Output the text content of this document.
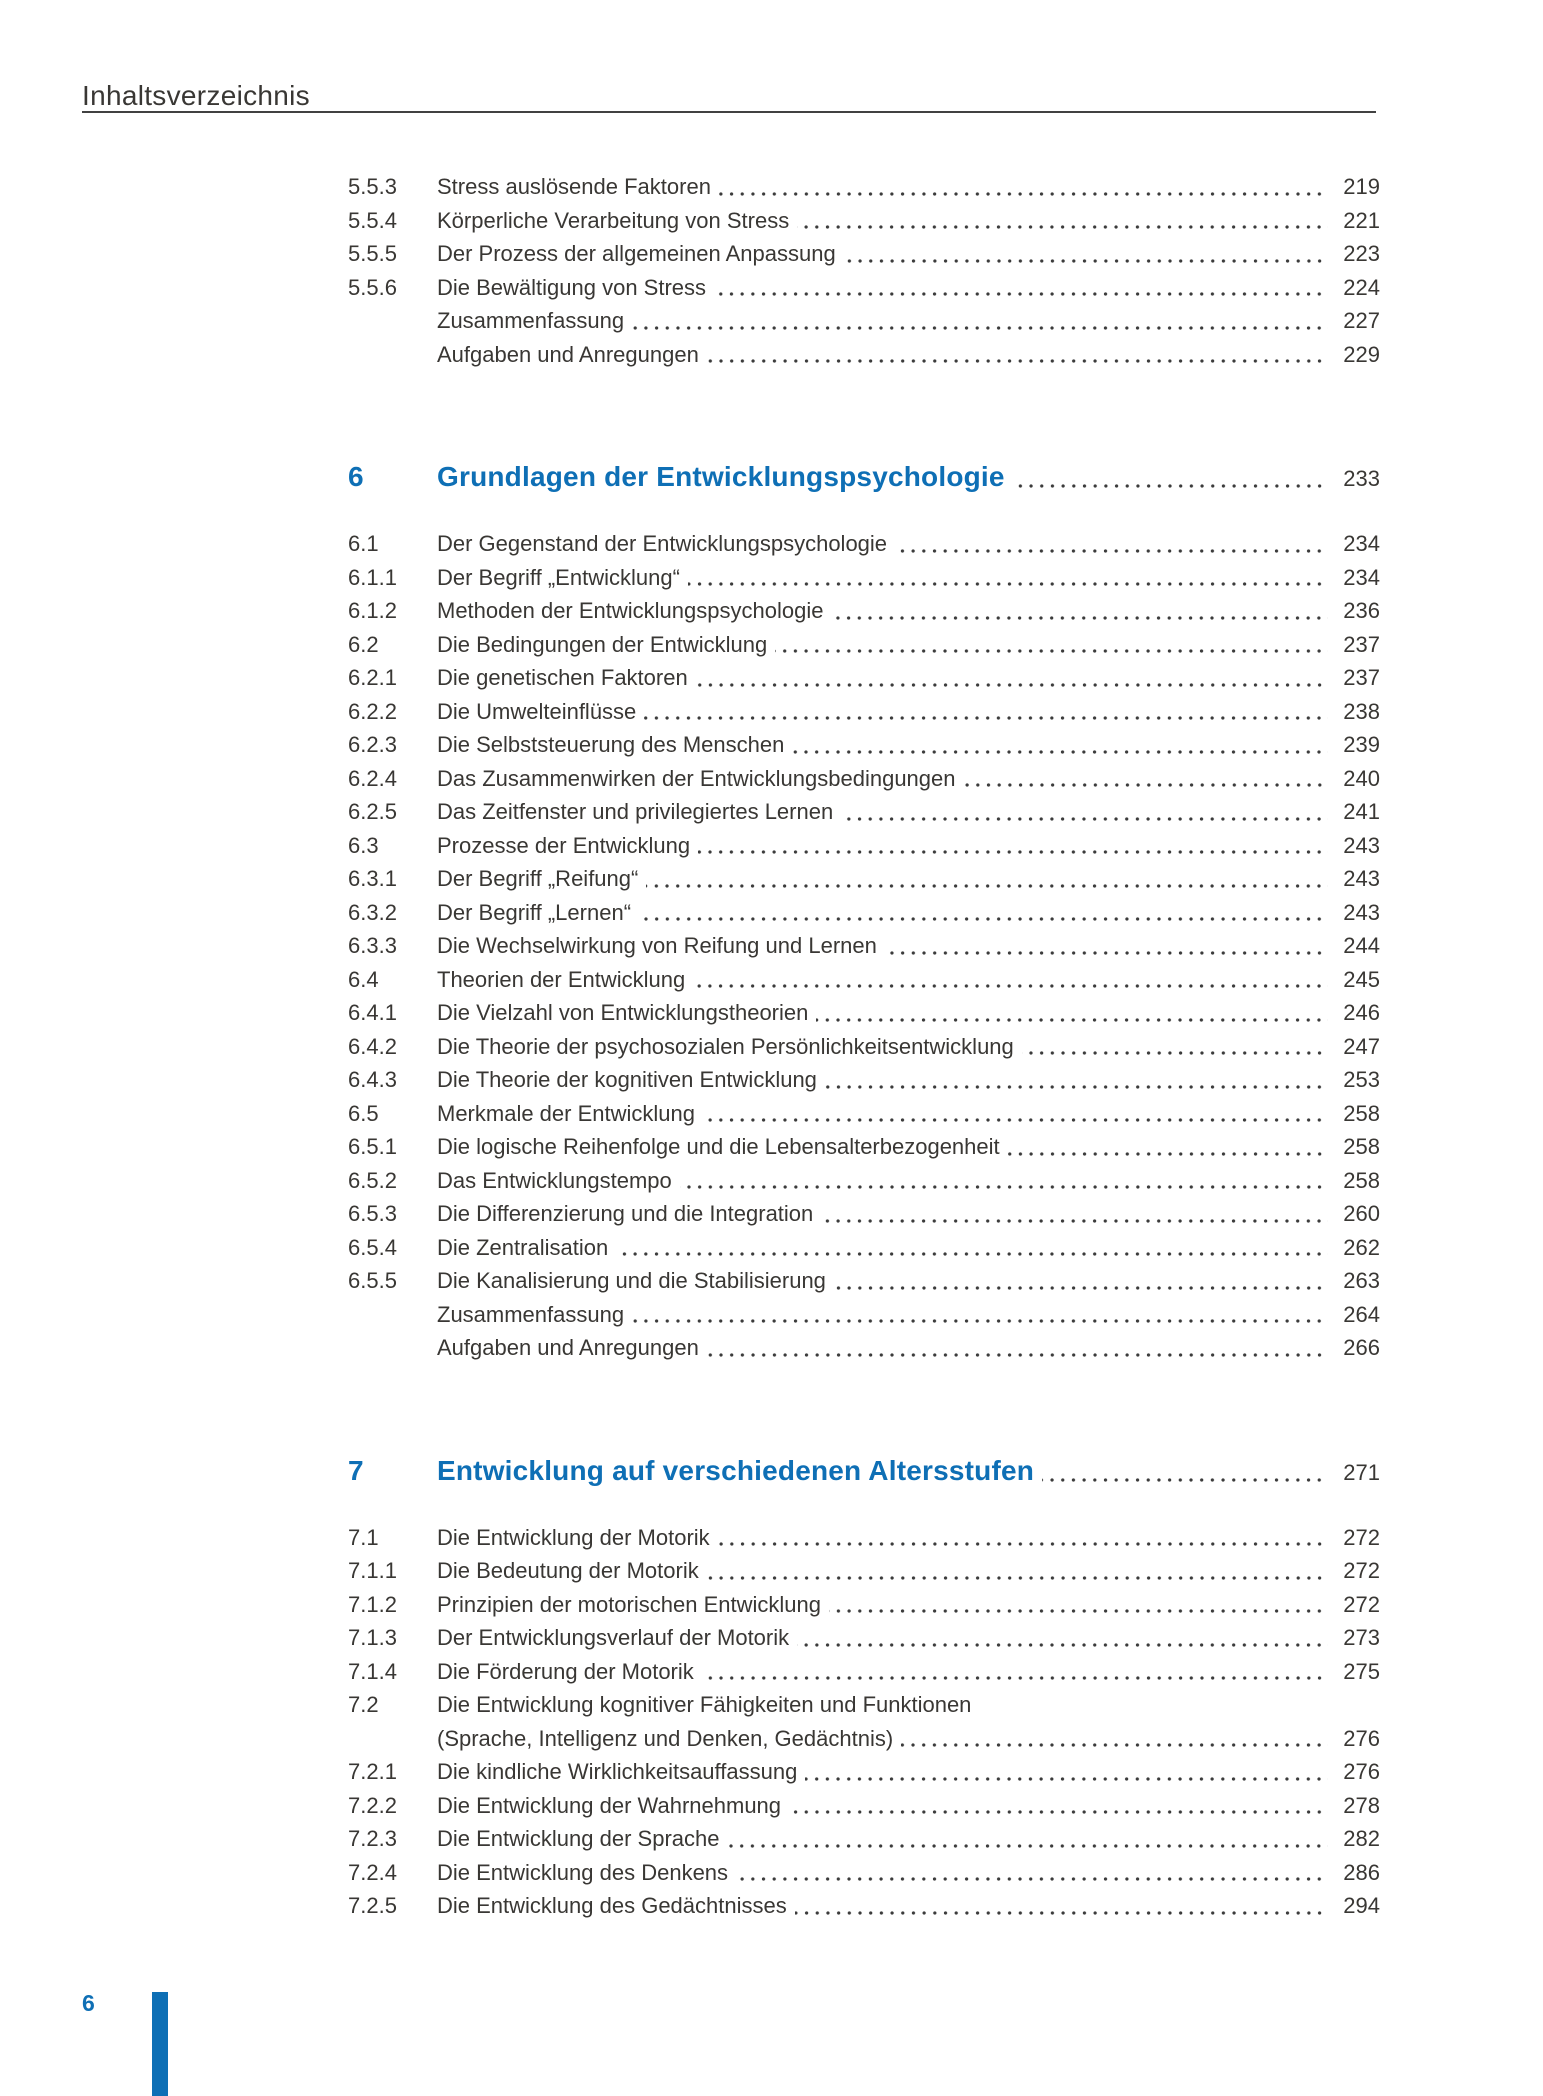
Inhaltsverzeichnis
5.5.3	Stress auslösende Faktoren	219
5.5.4	Körperliche Verarbeitung von Stress	221
5.5.5	Der Prozess der allgemeinen Anpassung	223
5.5.6	Die Bewältigung von Stress	224
Zusammenfassung	227
Aufgaben und Anregungen	229
6	Grundlagen der Entwicklungspsychologie	233
6.1	Der Gegenstand der Entwicklungspsychologie	234
6.1.1	Der Begriff „Entwicklung“	234
6.1.2	Methoden der Entwicklungspsychologie	236
6.2	Die Bedingungen der Entwicklung	237
6.2.1	Die genetischen Faktoren	237
6.2.2	Die Umwelteinflüsse	238
6.2.3	Die Selbststeuerung des Menschen	239
6.2.4	Das Zusammenwirken der Entwicklungsbedingungen	240
6.2.5	Das Zeitfenster und privilegiertes Lernen	241
6.3	Prozesse der Entwicklung	243
6.3.1	Der Begriff „Reifung“	243
6.3.2	Der Begriff „Lernen“	243
6.3.3	Die Wechselwirkung von Reifung und Lernen	244
6.4	Theorien der Entwicklung	245
6.4.1	Die Vielzahl von Entwicklungstheorien	246
6.4.2	Die Theorie der psychosozialen Persönlichkeitsentwicklung	247
6.4.3	Die Theorie der kognitiven Entwicklung	253
6.5	Merkmale der Entwicklung	258
6.5.1	Die logische Reihenfolge und die Lebensalterbezogenheit	258
6.5.2	Das Entwicklungstempo	258
6.5.3	Die Differenzierung und die Integration	260
6.5.4	Die Zentralisation	262
6.5.5	Die Kanalisierung und die Stabilisierung	263
Zusammenfassung	264
Aufgaben und Anregungen	266
7	Entwicklung auf verschiedenen Altersstufen	271
7.1	Die Entwicklung der Motorik	272
7.1.1	Die Bedeutung der Motorik	272
7.1.2	Prinzipien der motorischen Entwicklung	272
7.1.3	Der Entwicklungsverlauf der Motorik	273
7.1.4	Die Förderung der Motorik	275
7.2	Die Entwicklung kognitiver Fähigkeiten und Funktionen
(Sprache, Intelligenz und Denken, Gedächtnis)	276
7.2.1	Die kindliche Wirklichkeitsauffassung	276
7.2.2	Die Entwicklung der Wahrnehmung	278
7.2.3	Die Entwicklung der Sprache	282
7.2.4	Die Entwicklung des Denkens	286
7.2.5	Die Entwicklung des Gedächtnisses	294
6
